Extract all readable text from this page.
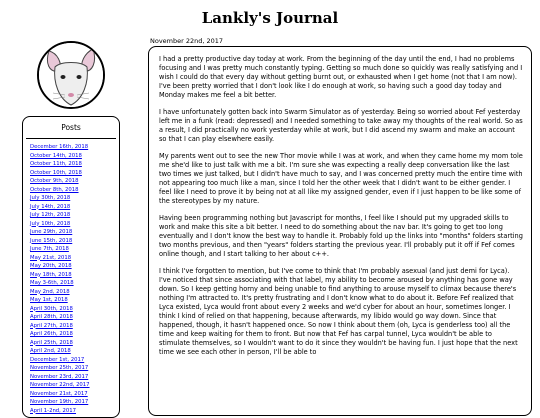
Lankly's Journal
Posts
December 16th, 2018
October 14th, 2018
October 11th, 2018
October 10th, 2018
October 9th, 2018
October 8th, 2018
July 30th, 2018
July 14th, 2018
July 12th, 2018
July 10th, 2018
June 29th, 2018
June 15th, 2018
June 7th, 2018
May 21st, 2018
May 20th, 2018
May 18th, 2018
May 3-6th, 2018
May 2nd, 2018
May 1st, 2018
April 30th, 2018
April 28th, 2018
April 27th, 2018
April 26th, 2018
April 25th, 2018
April 2nd, 2018
December 1st, 2017
November 25th, 2017
November 23rd, 2017
November 22nd, 2017
November 21st, 2017
November 19th, 2017
April 1-2nd, 2017
November 22nd, 2017

I had a pretty productive day today at work. From the beginning of the day until the end, I had no problems focusing and I was pretty much constantly typing. Getting so much done so quickly was really satisfying and I wish I could do that every day without getting burnt out, or exhausted when I get home (not that I am now). I've been pretty worried that I don't look like I do enough at work, so having such a good day today and Monday makes me feel a bit better.

I have unfortunately gotten back into Swarm Simulator as of yesterday. Being so worried about Fef yesterday left me in a funk (read: depressed) and I needed something to take away my thoughts of the real world. So as a result, I did practically no work yesterday while at work, but I did ascend my swarm and make an account so that I can play elsewhere easily.

My parents went out to see the new Thor movie while I was at work, and when they came home my mom tole me she'd like to just talk with me a bit. I'm sure she was expecting a really deep conversation like the last two times we just talked, but I didn't have much to say, and I was concerned pretty much the entire time with not appearing too much like a man, since I told her the other week that I didn't want to be either gender. I feel like I need to prove it by being not at all like my assigned gender, even if I just happen to be like some of the stereotypes by my nature.

Having been programming nothing but Javascript for months, I feel like I should put my upgraded skills to work and make this site a bit better. I need to do something about the nav bar. It's going to get too long eventually and I don't know the best way to handle it. Probably fold up the links into "months" folders starting two months previous, and then "years" folders starting the previous year. I'll probably put it off if Fef comes online though, and I start talking to her about c++.

I think I've forgotten to mention, but I've come to think that I'm probably asexual (and just demi for Lyca). I've noticed that since associating with that label, my ability to become aroused by anything has gone way down. So I keep getting horny and being unable to find anything to arouse myself to climax because there's nothing I'm attracted to. It's pretty frustrating and I don't know what to do about it. Before Fef realized that Lyca existed, Lyca would front about every 2 weeks and we'd cyber for about an hour, sometimes longer. I think I kind of relied on that happening, because afterwards, my libido would go way down. Since that happened, though, it hasn't happened once. So now I think about them (oh, Lyca is genderless too) all the time and keep waiting for them to front. But now that Fef has carpal tunnel, Lyca wouldn't be able to stimulate themselves, so I wouldn't want to do it since they wouldn't be having fun. I just hope that the next time we see each other in person, I'll be able to
